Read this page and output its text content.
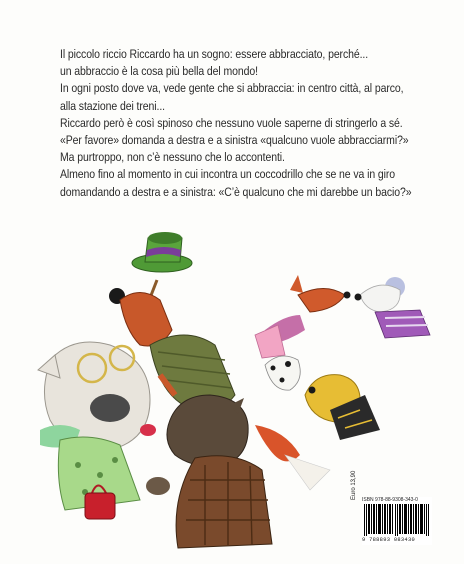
Il piccolo riccio Riccardo ha un sogno: essere abbracciato, perché...

un abbraccio è la cosa più bella del mondo!

In ogni posto dove va, vede gente che si abbraccia: in centro città, al parco,

alla stazione dei treni...

Riccardo però è così spinoso che nessuno vuole saperne di stringerlo a sé.

«Per favore» domanda a destra e a sinistra «qualcuno vuole abbracciarmi?»

Ma purtroppo, non c’è nessuno che lo accontenti.

Almeno fino al momento in cui incontra un coccodrillo che se ne va in giro

domandando a destra e a sinistra: «C’è qualcuno che mi darebbe un bacio?»

Euro 13,90 ISBN 978-88-9308-343-0
9 788893 083430
